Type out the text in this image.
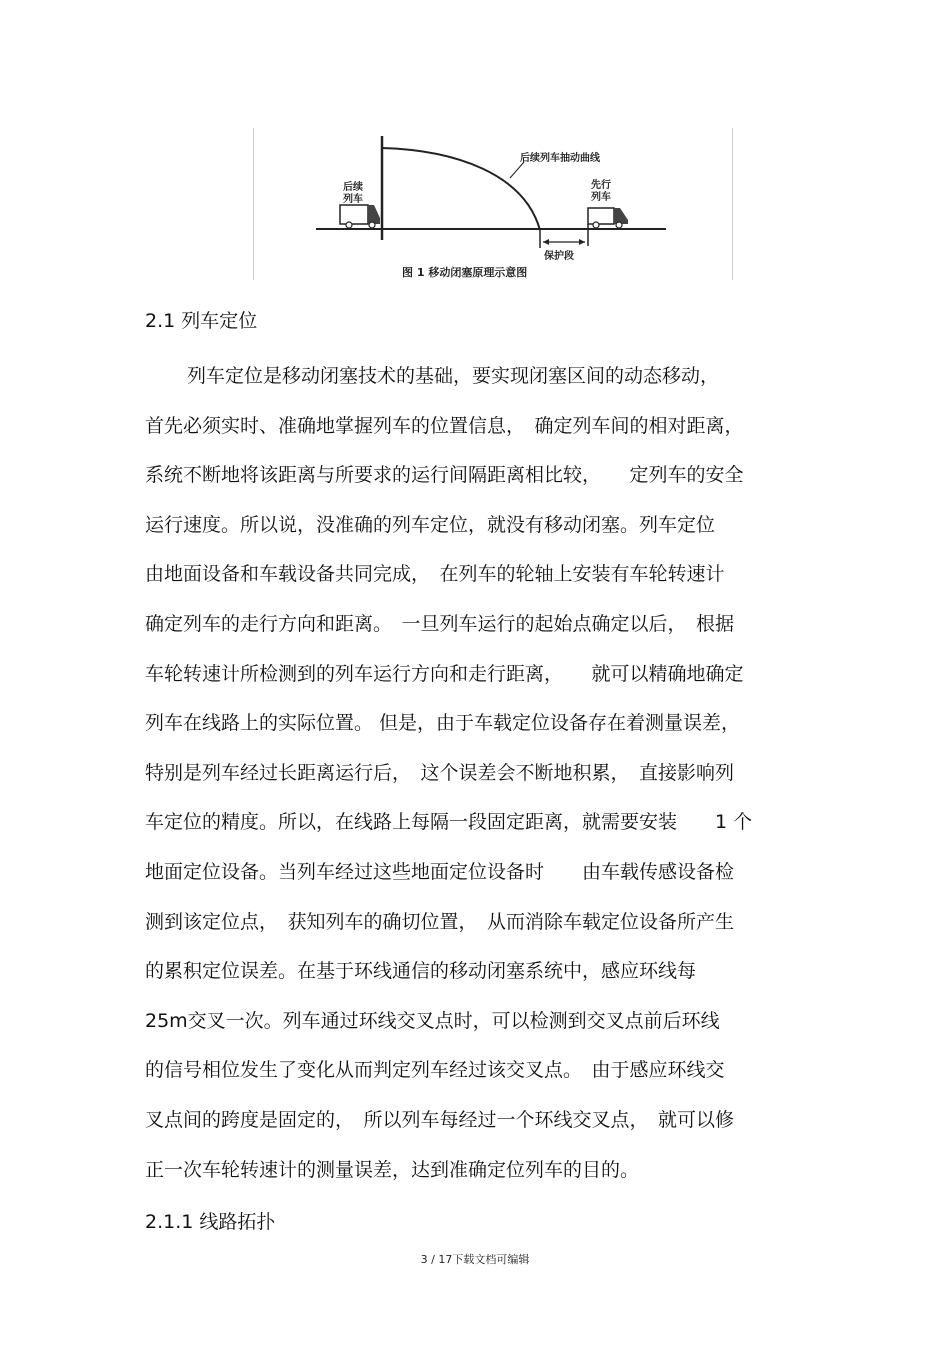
后续列车抽动曲线
后续
列车
先行
列车
保护段
图 1 移动闭塞原理示意图
2.1 列车定位
列车定位是移动闭塞技术的基础，要实现闭塞区间的动态移动，
首先必须实时、准确地掌握列车的位置信息，　确定列车间的相对距离，
系统不断地将该距离与所要求的运行间隔距离相比较，　　定列车的安全
运行速度。所以说，没准确的列车定位，就没有移动闭塞。列车定位
由地面设备和车载设备共同完成，　在列车的轮轴上安装有车轮转速计
确定列车的走行方向和距离。　一旦列车运行的起始点确定以后，　根据
车轮转速计所检测到的列车运行方向和走行距离，　　就可以精确地确定
列车在线路上的实际位置。 但是，由于车载定位设备存在着测量误差，
特别是列车经过长距离运行后，　这个误差会不断地积累，　直接影响列
车定位的精度。所以，在线路上每隔一段固定距离，就需要安装　　1 个
地面定位设备。当列车经过这些地面定位设备时　　由车载传感设备检
测到该定位点，　获知列车的确切位置，　从而消除车载定位设备所产生
的累积定位误差。在基于环线通信的移动闭塞系统中，感应环线每
25m交叉一次。列车通过环线交叉点时，可以检测到交叉点前后环线
的信号相位发生了变化从而判定列车经过该交叉点。　由于感应环线交
叉点间的跨度是固定的，　所以列车每经过一个环线交叉点，　就可以修
正一次车轮转速计的测量误差，达到准确定位列车的目的。
2.1.1 线路拓扑
3 / 17下载文档可编辑
